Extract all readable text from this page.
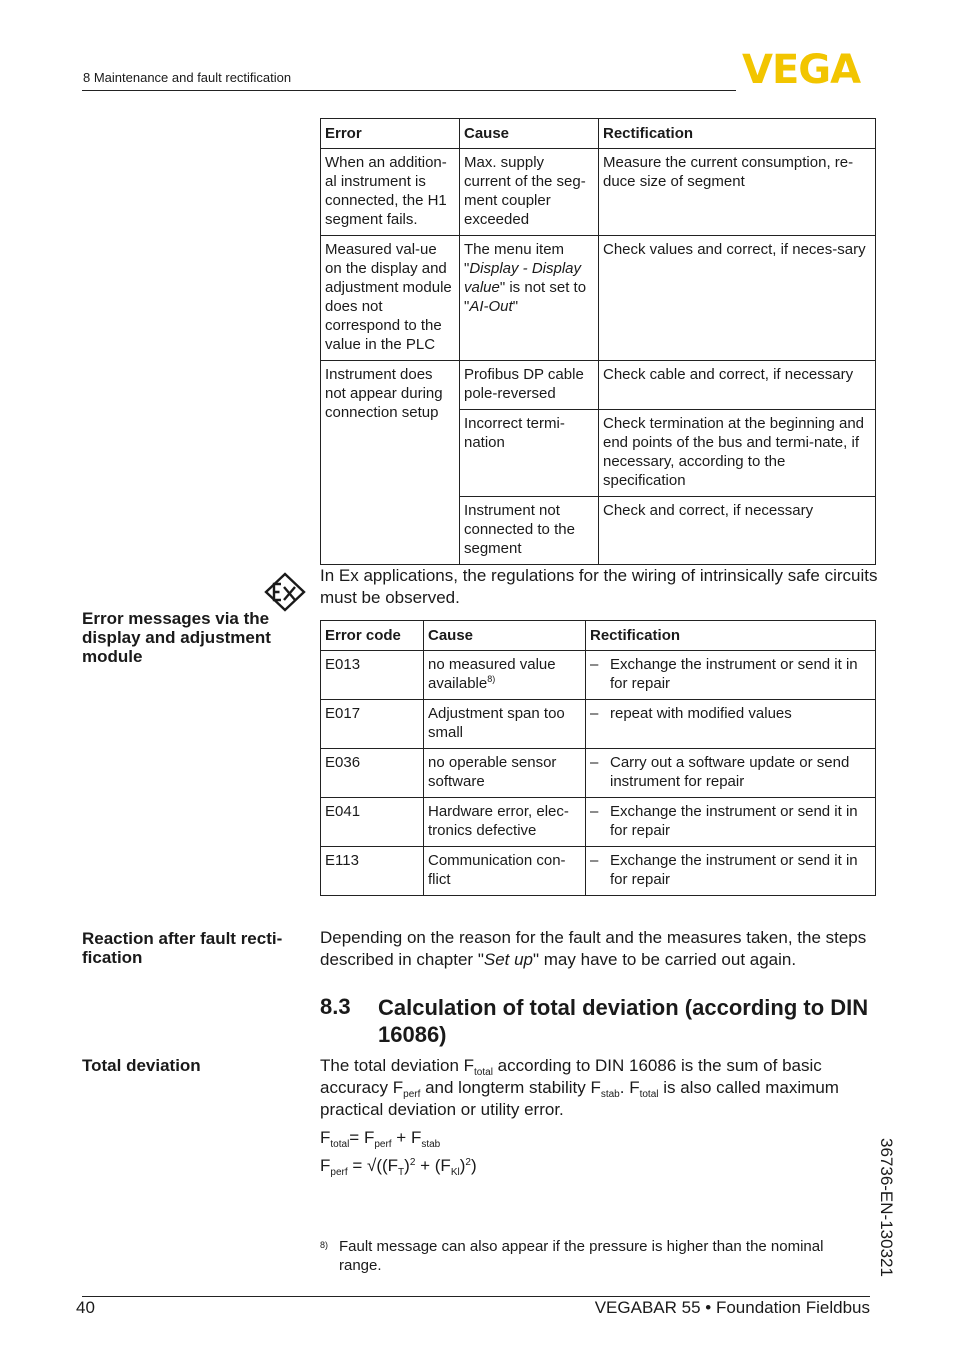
8 Maintenance and fault rectification	VEGA
Error	Cause	Rectification
When an addition-al instrument is connected, the H1 segment fails.	Max. supply current of the seg-ment coupler exceeded	Measure the current consumption, re-duce size of segment
Measured val-ue on the display and adjustment module does not correspond to the value in the PLC	The menu item "Display - Display value" is not set to "AI-Out"	Check values and correct, if neces-sary
Instrument does not appear during connection setup	Profibus DP cable pole-reversed	Check cable and correct, if necessary
	Incorrect termi-nation	Check termination at the beginning and end points of the bus and termi-nate, if necessary, according to the specification
	Instrument not connected to the segment	Check and correct, if necessary
In Ex applications, the regulations for the wiring of intrinsically safe circuits must be observed.
Error messages via the display and adjustment module
Error code	Cause	Rectification
E013	no measured value available$^{8)}$	– Exchange the instrument or send it in for repair

E017	Adjustment span too small	– repeat with modified values

E036	no operable sensor software	– Carry out a software update or send instrument for repair

E041	Hardware error, elec-tronics defective	– Exchange the instrument or send it in for repair

E113	Communication con-flict	– Exchange the instrument or send it in for repair
Reaction after fault recti-fication
Depending on the reason for the fault and the measures taken, the steps described in chapter "Set up" may have to be carried out again.
8.3 Calculation of total deviation (according to DIN 16086)
Total deviation	The total deviation $F_{total}$ according to DIN 16086 is the sum of basic accuracy $F_{perf}$ and longterm stability $F_{stab}$. $F_{total}$ is also called maximum practical deviation or utility error.
$F_{total}= F_{perf} + F_{stab}$
$F_{perf} = √((F_T)^2 + (F_{Kl})^2)$
8) Fault message can also appear if the pressure is higher than the nominal range.
40	VEGABAR 55 • Foundation Fieldbus
36736-EN-130321
